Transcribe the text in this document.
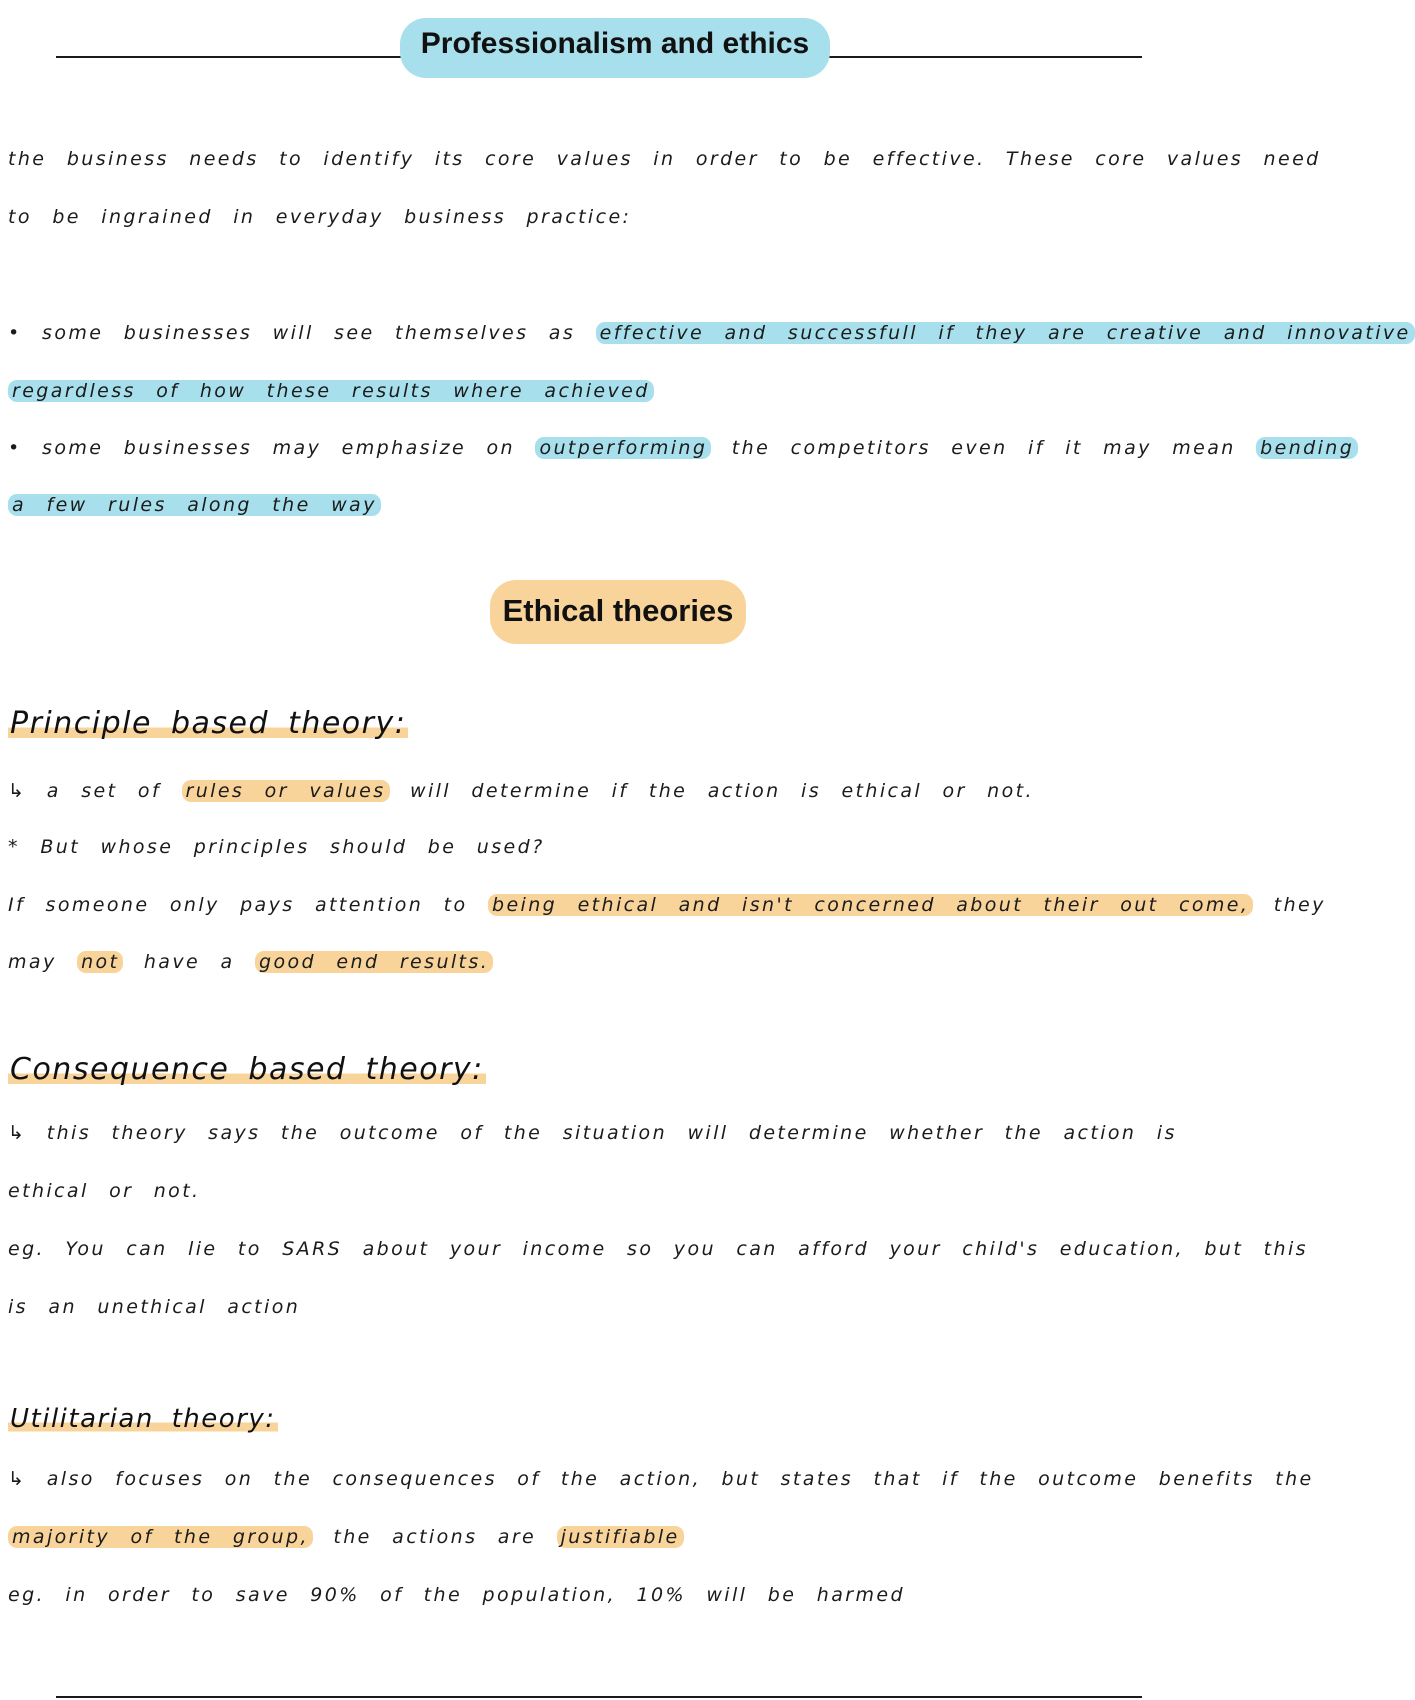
Professionalism and ethics
the business needs to identify its core values in order to be effective. These core values need
to be ingrained in everyday business practice:
• some businesses will see themselves as effective and successfull if they are creative and innovative
regardless of how these results where achieved
• some businesses may emphasize on outperforming the competitors even if it may mean bending
a few rules along the way
Ethical theories
Principle based theory:
↳ a set of rules or values will determine if the action is ethical or not.
* But whose principles should be used?
If someone only pays attention to being ethical and isn't concerned about their out come, they
may not have a good end results.
Consequence based theory:
↳ this theory says the outcome of the situation will determine whether the action is
ethical or not.
eg. You can lie to SARS about your income so you can afford your child's education, but this
is an unethical action
Utilitarian theory:
↳ also focuses on the consequences of the action, but states that if the outcome benefits the
majority of the group, the actions are justifiable
eg. in order to save 90% of the population, 10% will be harmed
